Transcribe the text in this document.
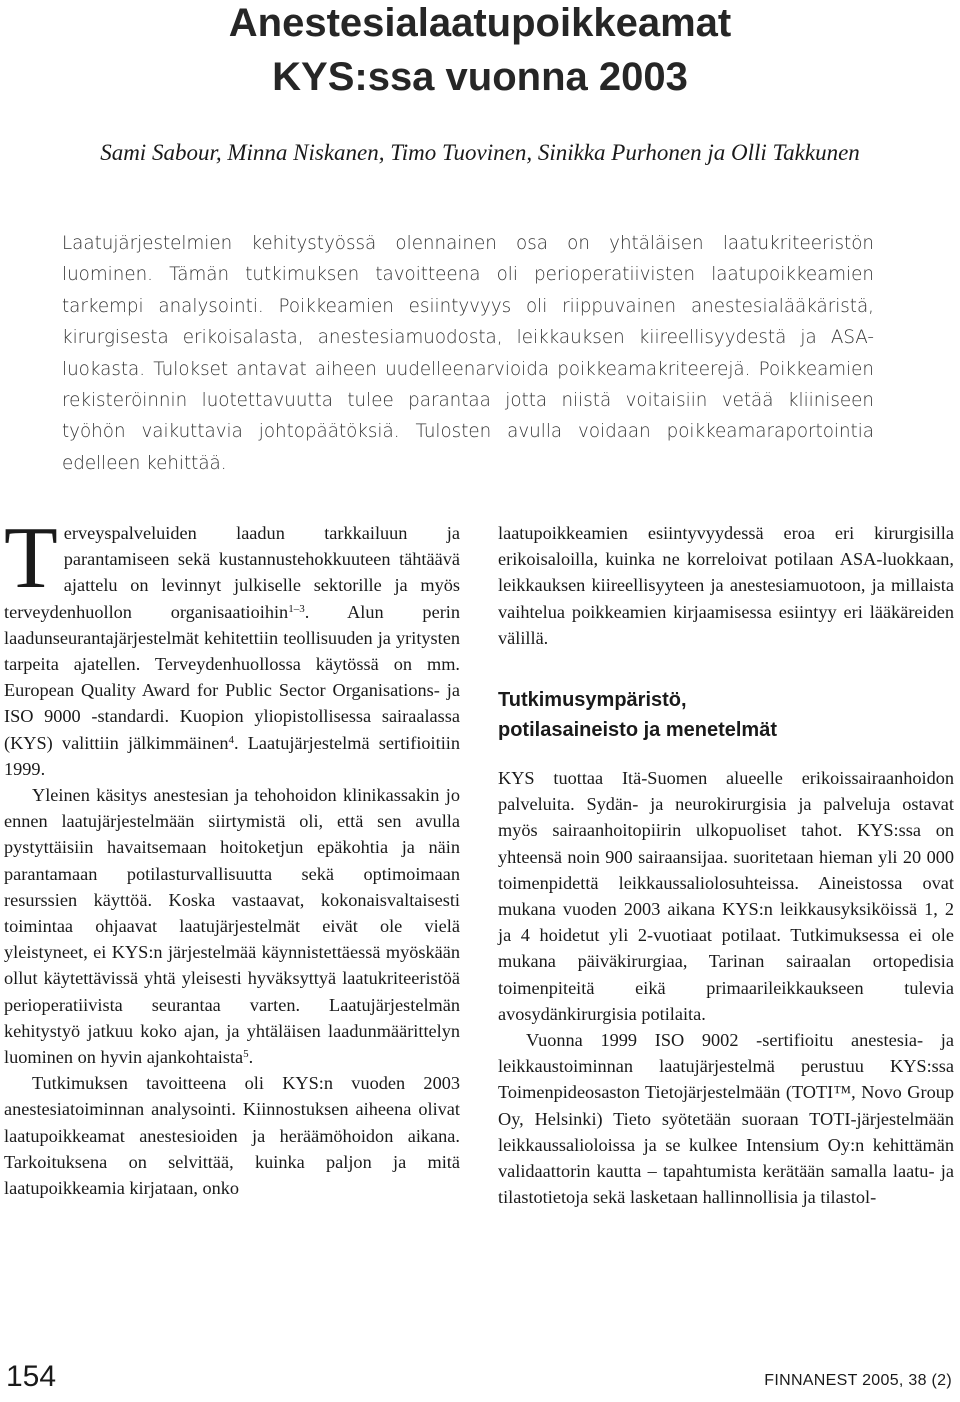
Anestesialaatupoikkeamat
KYS:ssa vuonna 2003

Sami Sabour, Minna Niskanen, Timo Tuovinen, Sinikka Purhonen ja Olli Takkunen

Laatujärjestelmien kehitystyössä olennainen osa on yhtäläisen laatukriteeristön luominen. Tämän tutkimuksen tavoitteena oli perioperatiivisten laatupoikkeamien tarkempi analysointi. Poikkeamien esiintyvyys oli riippuvainen anestesialääkäristä, kirurgisesta erikoisalasta, anestesiamuodosta, leikkauksen kiireellisyydestä ja ASA-luokasta. Tulokset antavat aiheen uudelleenarvioida poikkeamakriteerejä. Poikkeamien rekisteröinnin luotettavuutta tulee parantaa jotta niistä voitaisiin vetää kliiniseen työhön vaikuttavia johtopäätöksiä. Tulosten avulla voidaan poikkeamaraportointia edelleen kehittää.

Terveyspalveluiden laadun tarkkailuun ja parantamiseen sekä kustannustehokkuuteen tähtäävä ajattelu on levinnyt julkiselle sektorille ja myös terveydenhuollon organisaatioihin$^{1-3}$. Alun perin laadunseurantajärjestelmät kehitettiin teollisuuden ja yritysten tarpeita ajatellen. Terveydenhuollossa käytössä on mm. European Quality Award for Public Sector Organisations- ja ISO 9000 -standardi. Kuopion yliopistollisessa sairaalassa (KYS) valittiin jälkimmäinen$^4$. Laatujärjestelmä sertifioitiin 1999.

Yleinen käsitys anestesian ja tehohoidon klinikassakin jo ennen laatujärjestelmään siirtymistä oli, että sen avulla pystyttäisiin havaitsemaan hoitoketjun epäkohtia ja näin parantamaan potilasturvallisuutta sekä optimoimaan resurssien käyttöä. Koska vastaavat, kokonaisvaltaisesti toimintaa ohjaavat laatujärjestelmät eivät ole vielä yleistyneet, ei KYS:n järjestelmää käynnistettäessä myöskään ollut käytettävissä yhtä yleisesti hyväksyttyä laatukriteeristöä perioperatiivista seurantaa varten. Laatujärjestelmän kehitystyö jatkuu koko ajan, ja yhtäläisen laadunmäärittelyn luominen on hyvin ajankohtaista$^5$.

Tutkimuksen tavoitteena oli KYS:n vuoden 2003 anestesiatoiminnan analysointi. Kiinnostuksen aiheena olivat laatupoikkeamat anestesioiden ja heräämöhoidon aikana. Tarkoituksena on selvittää, kuinka paljon ja mitä laatupoikkeamia kirjataan, onko

laatupoikkeamien esiintyvyydessä eroa eri kirurgisilla erikoisaloilla, kuinka ne korreloivat potilaan ASA-luokkaan, leikkauksen kiireellisyyteen ja anestesiamuotoon, ja millaista vaihtelua poikkeamien kirjaamisessa esiintyy eri lääkäreiden välillä.

Tutkimusympäristö,
potilasaineisto ja menetelmät

KYS tuottaa Itä-Suomen alueelle erikoissairaanhoidon palveluita. Sydän- ja neurokirurgisia ja palveluja ostavat myös sairaanhoitopiirin ulkopuoliset tahot. KYS:ssa on yhteensä noin 900 sairaansijaa. suoritetaan hieman yli 20 000 toimenpidettä leikkaussaliolosuhteissa. Aineistossa ovat mukana vuoden 2003 aikana KYS:n leikkausyksiköissä 1, 2 ja 4 hoidetut yli 2-vuotiaat potilaat. Tutkimuksessa ei ole mukana päiväkirurgiaa, Tarinan sairaalan ortopedisia toimenpiteitä eikä primaarileikkaukseen tulevia avosydänkirurgisia potilaita.

Vuonna 1999 ISO 9002 -sertifioitu anestesia- ja leikkaustoiminnan laatujärjestelmä perustuu KYS:ssa Toimenpideosaston Tietojärjestelmään (TOTI™, Novo Group Oy, Helsinki) Tieto syötetään suoraan TOTI-järjestelmään leikkaussalioloissa ja se kulkee Intensium Oy:n kehittämän validaattorin kautta – tapahtumista kerätään samalla laatu- ja tilastotietoja sekä lasketaan hallinnollisia ja tilastol-

154	FINNANEST 2005, 38 (2)
